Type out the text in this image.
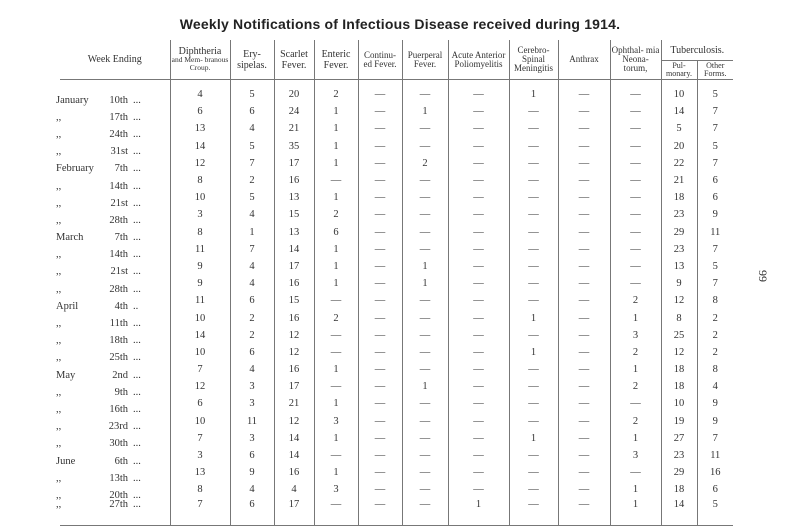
Weekly Notifications of Infectious Disease received during 1914.
99
Week Ending	Diphtheria
and Mem- branous Croup.	Ery- sipelas.	Scarlet Fever.	Enteric Fever.	Continu- ed Fever.	Puerperal Fever.	Acute Anterior Poliomyelitis	Cerebro- Spinal Meningitis	Anthrax	Ophthal- mia Neona- torum,	Tuberculosis.	
											Pul- monary.	Other Forms.

January 10th ...	4	5	20	2	—	—	—	1	—	—	10	5

,, 17th ...	6	6	24	1	—	1	—	—	—	—	14	7

,, 24th ...	13	4	21	1	—	—	—	—	—	—	5	7

,, 31st ...	14	5	35	1	—	—	—	—	—	—	20	5

February 7th ...	12	7	17	1	—	2	—	—	—	—	22	7

,, 14th ...	8	2	16	—	—	—	—	—	—	—	21	6

,, 21st ...	10	5	13	1	—	—	—	—	—	—	18	6

,, 28th ...	3	4	15	2	—	—	—	—	—	—	23	9

March 7th ...	8	1	13	6	—	—	—	—	—	—	29	11

,, 14th ...	11	7	14	1	—	—	—	—	—	—	23	7

,, 21st ...	9	4	17	1	—	1	—	—	—	—	13	5

,, 28th ...	9	4	16	1	—	1	—	—	—	—	9	7

April 4th ..	11	6	15	—	—	—	—	—	—	2	12	8

,, 11th ...	10	2	16	2	—	—	—	1	—	1	8	2

,, 18th ...	14	2	12	—	—	—	—	—	—	3	25	2

,, 25th ...	10	6	12	—	—	—	—	1	—	2	12	2

May 2nd ...	7	4	16	1	—	—	—	—	—	1	18	8

,, 9th ...	12	3	17	—	—	1	—	—	—	2	18	4

,, 16th ...	6	3	21	1	—	—	—	—	—	—	10	9

,, 23rd ...	10	11	12	3	—	—	—	—	—	2	19	9

,, 30th ...	7	3	14	1	—	—	—	1	—	1	27	7

June 6th ...	3	6	14	—	—	—	—	—	—	3	23	11

,, 13th ...	13	9	16	1	—	—	—	—	—	—	29	16

,, 20th ...	8	4	4	3	—	—	—	—	—	1	18	6

,, 27th ...	7	6	17	—	—	—	1	—	—	1	14	5
